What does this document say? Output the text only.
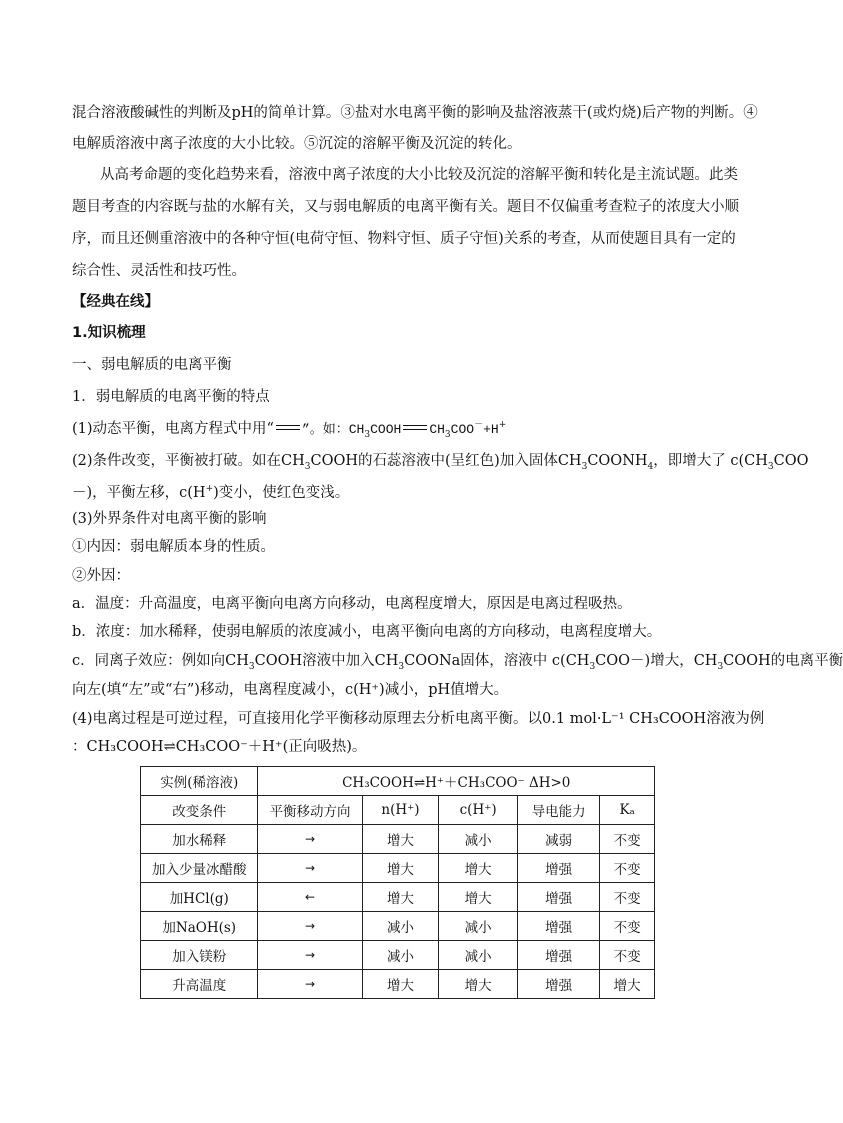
混合溶液酸碱性的判断及pH的简单计算。③盐对水电离平衡的影响及盐溶液蒸干(或灼烧)后产物的判断。④
电解质溶液中离子浓度的大小比较。⑤沉淀的溶解平衡及沉淀的转化。
从高考命题的变化趋势来看，溶液中离子浓度的大小比较及沉淀的溶解平衡和转化是主流试题。此类
题目考查的内容既与盐的水解有关，又与弱电解质的电离平衡有关。题目不仅偏重考查粒子的浓度大小顺
序，而且还侧重溶液中的各种守恒(电荷守恒、物料守恒、质子守恒)关系的考查，从而使题目具有一定的
综合性、灵活性和技巧性。
【经典在线】
1.知识梳理
一、弱电解质的电离平衡
1．弱电解质的电离平衡的特点
(1)动态平衡，电离方程式中用“ ”。如：$CH_3COOH$ $CH_3COO^-+H^+$
(2)条件改变，平衡被打破。如在$CH_3COOH$的石蕊溶液中(呈红色)加入固体$CH_3COONH_4$，即增大了 $c(CH_3COO$
－)，平衡左移，c(H+)变小，使红色变浅。
(3)外界条件对电离平衡的影响
①内因：弱电解质本身的性质。
②外因：
a．温度：升高温度，电离平衡向电离方向移动，电离程度增大，原因是电离过程吸热。
b．浓度：加水稀释，使弱电解质的浓度减小，电离平衡向电离的方向移动，电离程度增大。
c．同离子效应：例如向$CH_3COOH$溶液中加入$CH_3COONa$固体，溶液中 $c(CH_3COO-)$增大，$CH_3COOH$的电离平衡
向左(填“左”或“右”)移动，电离程度减小，c(H⁺)减小，pH值增大。
(4)电离过程是可逆过程，可直接用化学平衡移动原理去分析电离平衡。以0.1 mol·L⁻¹ CH₃COOH溶液为例
：CH₃COOH⇌CH₃COO⁻＋H⁺(正向吸热)。
实例(稀溶液)	CH₃COOH⇌H⁺＋CH₃COO⁻ ΔH>0				
改变条件	平衡移动方向	n(H⁺)	c(H⁺)	导电能力	Kₐ
加水稀释	→	增大	减小	减弱	不变
加入少量冰醋酸	→	增大	增大	增强	不变
加HCl(g)	←	增大	增大	增强	不变
加NaOH(s)	→	减小	减小	增强	不变
加入镁粉	→	减小	减小	增强	不变
升高温度	→	增大	增大	增强	增大
